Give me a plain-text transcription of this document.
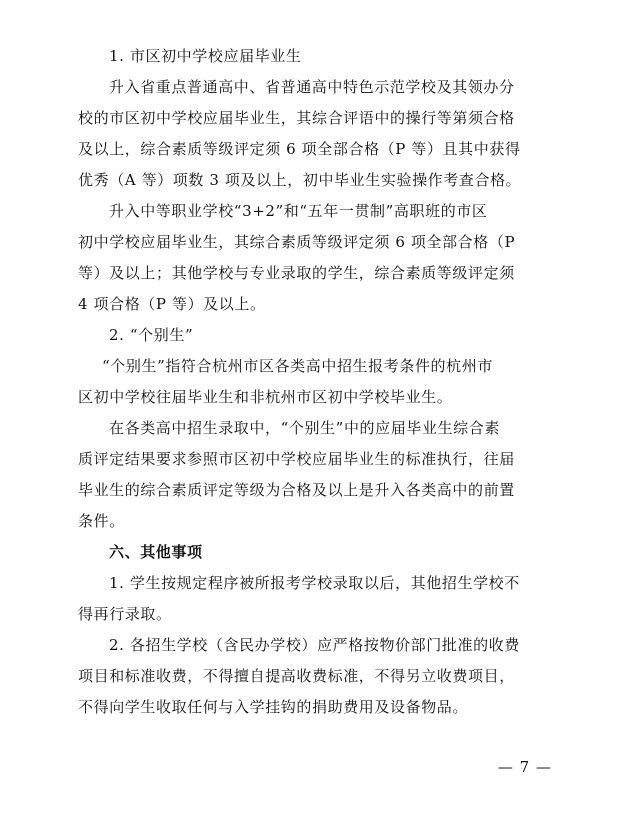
1. 市区初中学校应届毕业生
升入省重点普通高中、省普通高中特色示范学校及其领办分
校的市区初中学校应届毕业生，其综合评语中的操行等第须合格
及以上，综合素质等级评定须 6 项全部合格（P 等）且其中获得
优秀（A 等）项数 3 项及以上，初中毕业生实验操作考查合格。
升入中等职业学校“3+2”和“五年一贯制”高职班的市区
初中学校应届毕业生，其综合素质等级评定须 6 项全部合格（P
等）及以上；其他学校与专业录取的学生，综合素质等级评定须
4 项合格（P 等）及以上。
2. “个别生”
“个别生”指符合杭州市区各类高中招生报考条件的杭州市
区初中学校往届毕业生和非杭州市区初中学校毕业生。
在各类高中招生录取中，“个别生”中的应届毕业生综合素
质评定结果要求参照市区初中学校应届毕业生的标准执行，往届
毕业生的综合素质评定等级为合格及以上是升入各类高中的前置
条件。
六、其他事项
1. 学生按规定程序被所报考学校录取以后，其他招生学校不
得再行录取。
2. 各招生学校（含民办学校）应严格按物价部门批准的收费
项目和标准收费，不得擅自提高收费标准，不得另立收费项目，
不得向学生收取任何与入学挂钩的捐助费用及设备物品。
— 7 —
